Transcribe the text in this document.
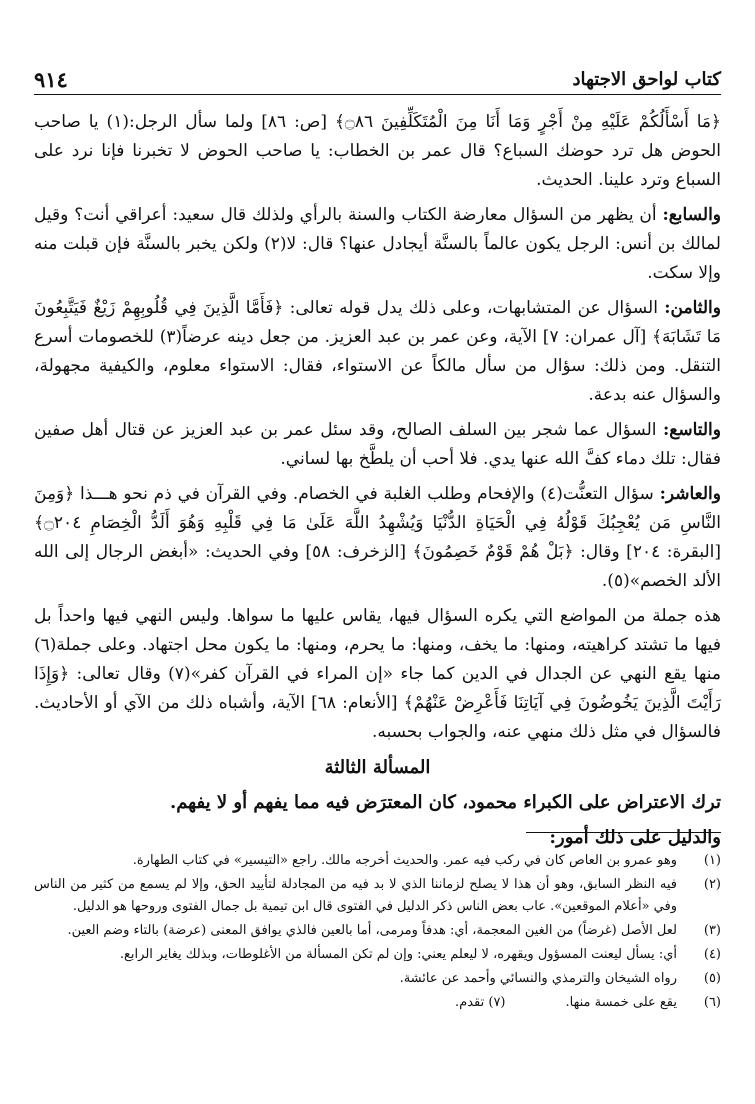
كتاب لواحق الاجتهاد
٩١٤

﴿مَا أَسْأَلُكُمْ عَلَيْهِ مِنْ أَجْرٍ وَمَا أَنَا مِنَ الْمُتَكَلِّفِينَ ۝٨٦﴾ [ص: ٨٦] ولما سأل الرجل:(١) يا صاحب الحوض هل ترد حوضك السباع؟ قال عمر بن الخطاب: يا صاحب الحوض لا تخبرنا فإنا نرد على السباع وترد علينا. الحديث.

والسابع: أن يظهر من السؤال معارضة الكتاب والسنة بالرأي ولذلك قال سعيد: أعراقي أنت؟ وقيل لمالك بن أنس: الرجل يكون عالماً بالسنَّة أيجادل عنها؟ قال: لا(٢) ولكن يخبر بالسنَّة فإن قبلت منه وإلا سكت.

والثامن: السؤال عن المتشابهات، وعلى ذلك يدل قوله تعالى: ﴿فَأَمَّا الَّذِينَ فِي قُلُوبِهِمْ زَيْغٌ فَيَتَّبِعُونَ مَا تَشَابَهَ﴾ [آل عمران: ٧] الآية، وعن عمر بن عبد العزيز. من جعل دينه عرضاً(٣) للخصومات أسرع التنقل. ومن ذلك: سؤال من سأل مالكاً عن الاستواء، فقال: الاستواء معلوم، والكيفية مجهولة، والسؤال عنه بدعة.

والتاسع: السؤال عما شجر بين السلف الصالح، وقد سئل عمر بن عبد العزيز عن قتال أهل صفين فقال: تلك دماء كفَّ الله عنها يدي. فلا أحب أن يلطَّخ بها لساني.

والعاشر: سؤال التعنُّت(٤) والإفحام وطلب الغلبة في الخصام. وفي القرآن في ذم نحو هـــذا ﴿وَمِنَ النَّاسِ مَن يُعْجِبُكَ قَوْلُهُ فِي الْحَيَاةِ الدُّنْيَا وَيُشْهِدُ اللَّهَ عَلَىٰ مَا فِي قَلْبِهِ وَهُوَ أَلَدُّ الْخِصَامِ ۝٢٠٤﴾ [البقرة: ٢٠٤] وقال: ﴿بَلْ هُمْ قَوْمٌ خَصِمُونَ﴾ [الزخرف: ٥٨] وفي الحديث: «أبغض الرجال إلى الله الألد الخصم»(٥).

هذه جملة من المواضع التي يكره السؤال فيها، يقاس عليها ما سواها. وليس النهي فيها واحداً بل فيها ما تشتد كراهيته، ومنها: ما يخف، ومنها: ما يحرم، ومنها: ما يكون محل اجتهاد. وعلى جملة(٦) منها يقع النهي عن الجدال في الدين كما جاء «إن المراء في القرآن كفر»(٧) وقال تعالى: ﴿وَإِذَا رَأَيْتَ الَّذِينَ يَخُوضُونَ فِي آيَاتِنَا فَأَعْرِضْ عَنْهُمْ﴾ [الأنعام: ٦٨] الآية، وأشباه ذلك من الآي أو الأحاديث. فالسؤال في مثل ذلك منهي عنه، والجواب بحسبه.

المسألة الثالثة

ترك الاعتراض على الكبراء محمود، كان المعترَض فيه مما يفهم أو لا يفهم.

والدليل على ذلك أمور:

(١)
وهو عمرو بن العاص كان في ركب فيه عمر. والحديث أخرجه مالك. راجع «التيسير» في كتاب الطهارة.
(٢)
فيه النظر السابق، وهو أن هذا لا يصلح لزماننا الذي لا بد فيه من المجادلة لتأييد الحق، وإلا لم يسمع من كثير من الناس وفي «أعلام الموقعين». عاب بعض الناس ذكر الدليل في الفتوى قال ابن تيمية بل جمال الفتوى وروحها هو الدليل.
(٣)
لعل الأصل (غرضاً) من الغين المعجمة، أي: هدفاً ومرمى، أما بالعين فالذي يوافق المعنى (عرضة) بالتاء وضم العين.
(٤)
أي: يسأل ليعنت المسؤول ويقهره، لا ليعلم يعني: وإن لم تكن المسألة من الأغلوطات، وبذلك يغاير الرابع.
(٥)
رواه الشيخان والترمذي والنسائي وأحمد عن عائشة.
(٦)
يقع على خمسة منها.
(٧) تقدم.
